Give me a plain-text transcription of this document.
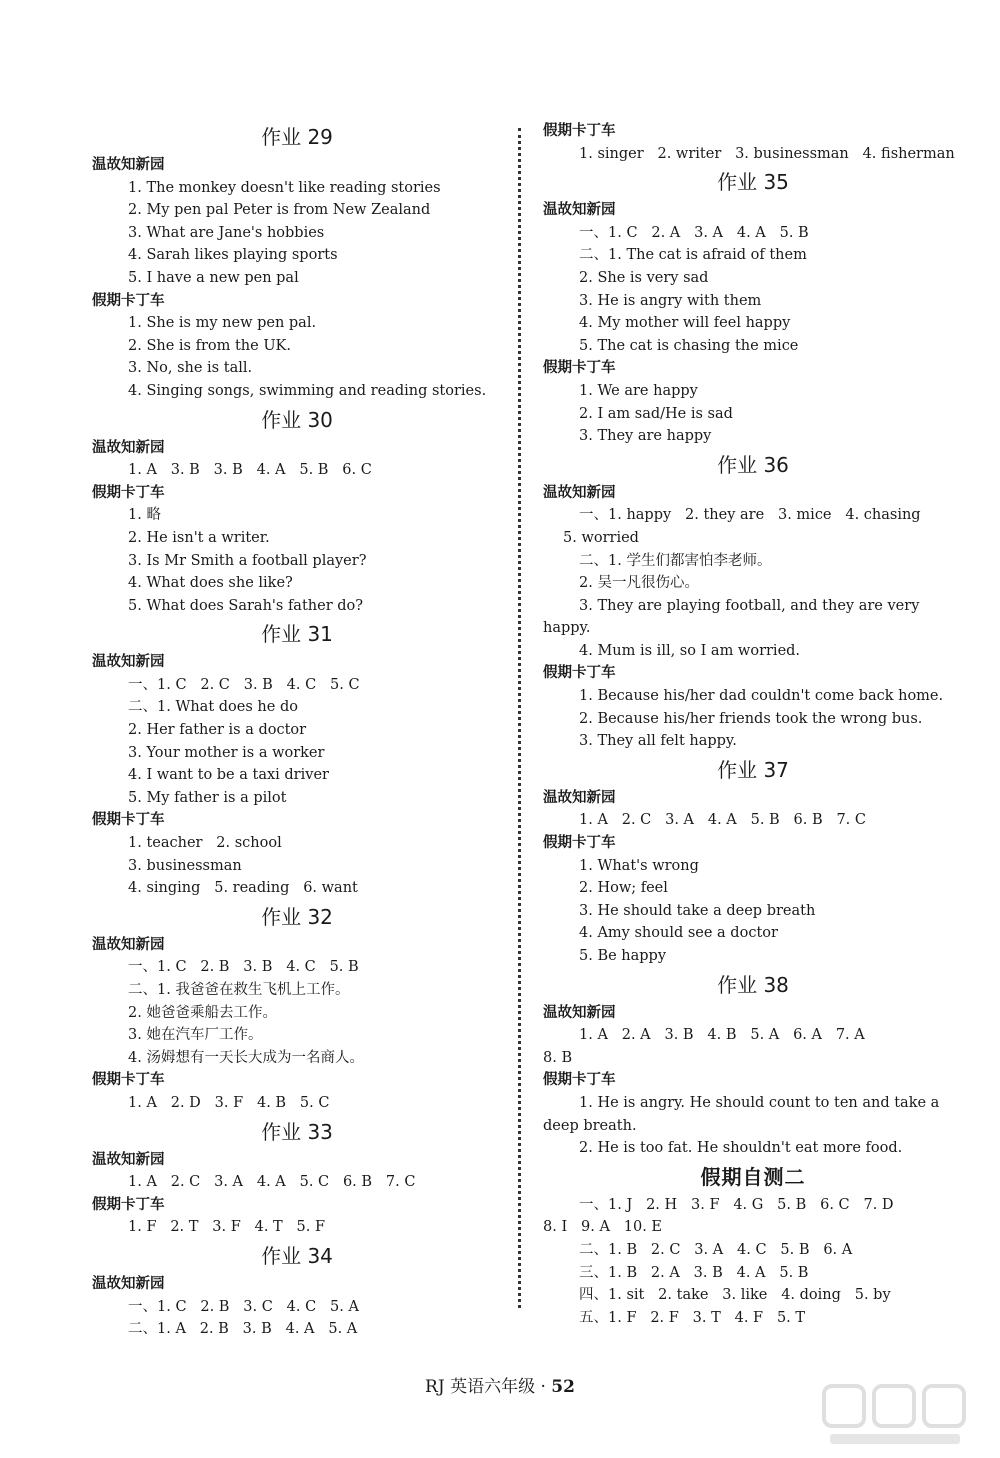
作业 29
温故知新园
1. The monkey doesn't like reading stories
2. My pen pal Peter is from New Zealand
3. What are Jane's hobbies
4. Sarah likes playing sports
5. I have a new pen pal
假期卡丁车
1. She is my new pen pal.
2. She is from the UK.
3. No, she is tall.
4. Singing songs, swimming and reading stories.
作业 30
温故知新园
1. A   3. B   3. B   4. A   5. B   6. C
假期卡丁车
1. 略
2. He isn't a writer.
3. Is Mr Smith a football player?
4. What does she like?
5. What does Sarah's father do?
作业 31
温故知新园
一、1. C   2. C   3. B   4. C   5. C
二、1. What does he do
2. Her father is a doctor
3. Your mother is a worker
4. I want to be a taxi driver
5. My father is a pilot
假期卡丁车
1. teacher   2. school
3. businessman
4. singing   5. reading   6. want
作业 32
温故知新园
一、1. C   2. B   3. B   4. C   5. B
二、1. 我爸爸在救生飞机上工作。
2. 她爸爸乘船去工作。
3. 她在汽车厂工作。
4. 汤姆想有一天长大成为一名商人。
假期卡丁车
1. A   2. D   3. F   4. B   5. C
作业 33
温故知新园
1. A   2. C   3. A   4. A   5. C   6. B   7. C
假期卡丁车
1. F   2. T   3. F   4. T   5. F
作业 34
温故知新园
一、1. C   2. B   3. C   4. C   5. A
二、1. A   2. B   3. B   4. A   5. A
假期卡丁车
1. singer   2. writer   3. businessman   4. fisherman
作业 35
温故知新园
一、1. C   2. A   3. A   4. A   5. B
二、1. The cat is afraid of them
2. She is very sad
3. He is angry with them
4. My mother will feel happy
5. The cat is chasing the mice
假期卡丁车
1. We are happy
2. I am sad/He is sad
3. They are happy
作业 36
温故知新园
一、1. happy   2. they are   3. mice   4. chasing
5. worried
二、1. 学生们都害怕李老师。
2. 吴一凡很伤心。
3. They are playing football, and they are very happy.
4. Mum is ill, so I am worried.
假期卡丁车
1. Because his/her dad couldn't come back home.
2. Because his/her friends took the wrong bus.
3. They all felt happy.
作业 37
温故知新园
1. A   2. C   3. A   4. A   5. B   6. B   7. C
假期卡丁车
1. What's wrong
2. How; feel
3. He should take a deep breath
4. Amy should see a doctor
5. Be happy
作业 38
温故知新园
1. A   2. A   3. B   4. B   5. A   6. A   7. A
8. B
假期卡丁车
1. He is angry. He should count to ten and take a deep breath.
2. He is too fat. He shouldn't eat more food.
假期自测二
一、1. J   2. H   3. F   4. G   5. B   6. C   7. D
8. I   9. A   10. E
二、1. B   2. C   3. A   4. C   5. B   6. A
三、1. B   2. A   3. B   4. A   5. B
四、1. sit   2. take   3. like   4. doing   5. by
五、1. F   2. F   3. T   4. F   5. T
RJ 英语六年级 · 52
